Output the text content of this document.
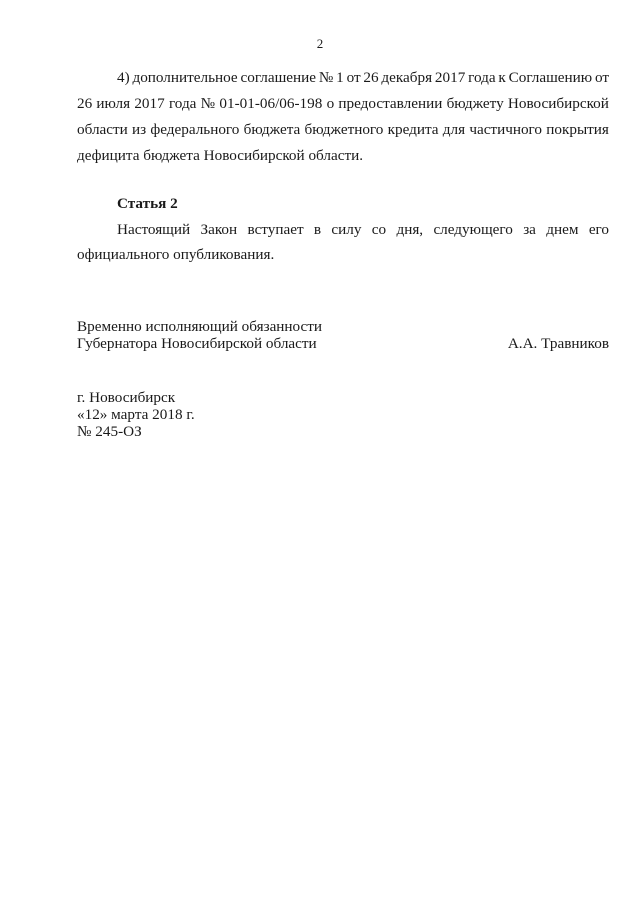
2
4) дополнительное соглашение № 1 от 26 декабря 2017 года к Соглашению от
26 июля 2017 года № 01-01-06/06-198 о предоставлении бюджету Новосибирской
области из федерального бюджета бюджетного кредита для частичного покрытия
дефицита бюджета Новосибирской области.
Статья 2
Настоящий Закон вступает в силу со дня, следующего за днем его
официального опубликования.
Временно исполняющий обязанности
Губернатора Новосибирской области	А.А. Травников
г. Новосибирск
«12» марта 2018 г.
№ 245-ОЗ
